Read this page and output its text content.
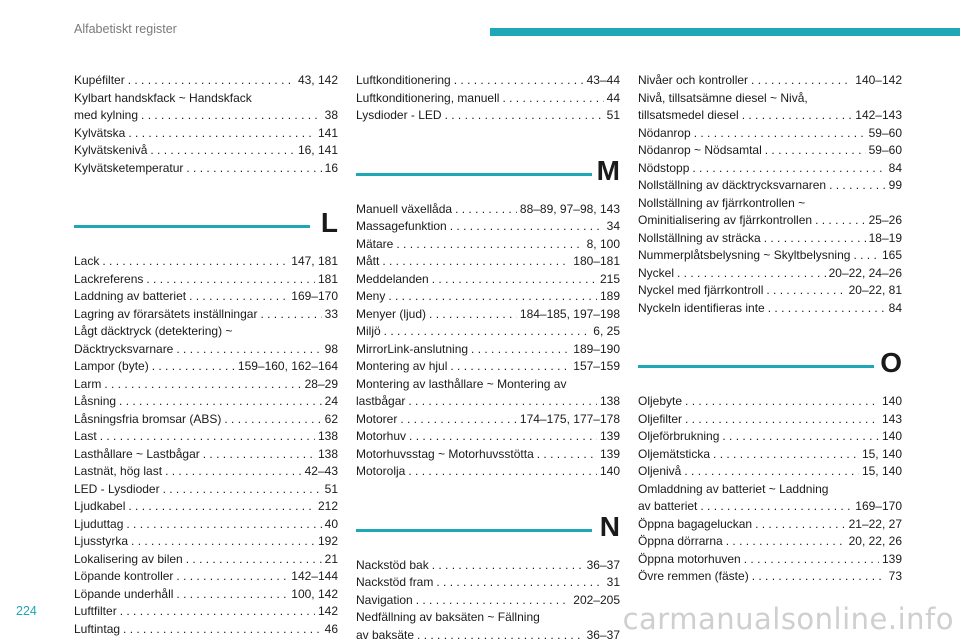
Alfabetiskt register
Kupéfilter . . .	43, 142
Kylbart handskfack ~ Handskfack
med kylning . . .	38
Kylvätska . . .	141
Kylvätskenivå . . .	16, 141
Kylvätsketemperatur . . .	16
L
Lack . . .	147, 181
Lackreferens . . .	181
Laddning av batteriet . . .	169–170
Lagring av förarsätets inställningar . . .	33
Lågt däcktryck (detektering) ~
Däcktrycksvarnare . . .	98
Lampor (byte) . . .	159–160, 162–164
Larm . . .	28–29
Låsning . . .	24
Låsningsfria bromsar (ABS) . . .	62
Last . . .	138
Lasthållare ~ Lastbågar . . .	138
Lastnät, hög last . . .	42–43
LED - Lysdioder . . .	51
Ljudkabel . . .	212
Ljuduttag . . .	40
Ljusstyrka . . .	192
Lokalisering av bilen . . .	21
Löpande kontroller . . .	142–144
Löpande underhåll . . .	100, 142
Luftfilter . . .	142
Luftintag . . .	46
Luftkonditionering . . .	43–44
Luftkonditionering, manuell . . .	44
Lysdioder - LED . . .	51
M
Manuell växellåda . . .	88–89, 97–98, 143
Massagefunktion . . .	34
Mätare . . .	8, 100
Mått . . .	180–181
Meddelanden . . .	215
Meny . . .	189
Menyer (ljud) . . .	184–185, 197–198
Miljö . . .	6, 25
MirrorLink-anslutning . . .	189–190
Montering av hjul . . .	157–159
Montering av lasthållare ~ Montering av
lastbågar . . .	138
Motorer . . .	174–175, 177–178
Motorhuv . . .	139
Motorhuvsstag ~ Motorhuvsstötta . . .	139
Motorolja . . .	140
N
Nackstöd bak . . .	36–37
Nackstöd fram . . .	31
Navigation . . .	202–205
Nedfällning av baksäten ~ Fällning
av baksäte . . .	36–37
Nivåer och kontroller . . .	140–142
Nivå, tillsatsämne diesel ~ Nivå,
tillsatsmedel diesel . . .	142–143
Nödanrop . . .	59–60
Nödanrop ~ Nödsamtal . . .	59–60
Nödstopp . . .	84
Nollställning av däcktrycksvarnaren . . .	99
Nollställning av fjärrkontrollen ~
Ominitialisering av fjärrkontrollen . . .	25–26
Nollställning av sträcka . . .	18–19
Nummerplåtsbelysning ~ Skyltbelysning . . .	165
Nyckel . . .	20–22, 24–26
Nyckel med fjärrkontroll . . .	20–22, 81
Nyckeln identifieras inte . . .	84
O
Oljebyte . . .	140
Oljefilter . . .	143
Oljeförbrukning . . .	140
Oljemätsticka . . .	15, 140
Oljenivå . . .	15, 140
Omladdning av batteriet ~ Laddning
av batteriet . . .	169–170
Öppna bagageluckan . . .	21–22, 27
Öppna dörrarna . . .	20, 22, 26
Öppna motorhuven . . .	139
Övre remmen (fäste) . . .	73
224	carmanualsonline.info
